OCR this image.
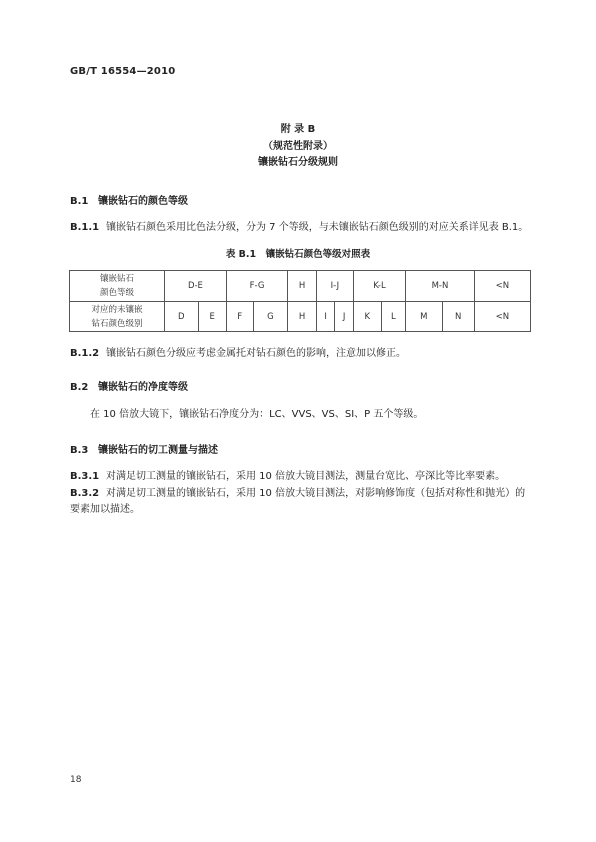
GB/T 16554—2010
附 录 B
（规范性附录）
镶嵌钻石分级规则
B.1 镶嵌钻石的颜色等级
B.1.1 镶嵌钻石颜色采用比色法分级，分为 7 个等级，与未镶嵌钻石颜色级别的对应关系详见表 B.1。
表 B.1　镶嵌钻石颜色等级对照表
镶嵌钻石
颜色等级	D-E		F-G		H	I-J		K-L		M-N		<N

对应的未镶嵌
钻石颜色级别	D	E	F	G	H	I	J	K	L	M	N	<N
B.1.2 镶嵌钻石颜色分级应考虑金属托对钻石颜色的影响，注意加以修正。
B.2 镶嵌钻石的净度等级
在 10 倍放大镜下，镶嵌钻石净度分为：LC、VVS、VS、SI、P 五个等级。
B.3 镶嵌钻石的切工测量与描述
B.3.1 对满足切工测量的镶嵌钻石，采用 10 倍放大镜目测法，测量台宽比、亭深比等比率要素。
B.3.2 对满足切工测量的镶嵌钻石，采用 10 倍放大镜目测法，对影响修饰度（包括对称性和抛光）的
要素加以描述。
18
